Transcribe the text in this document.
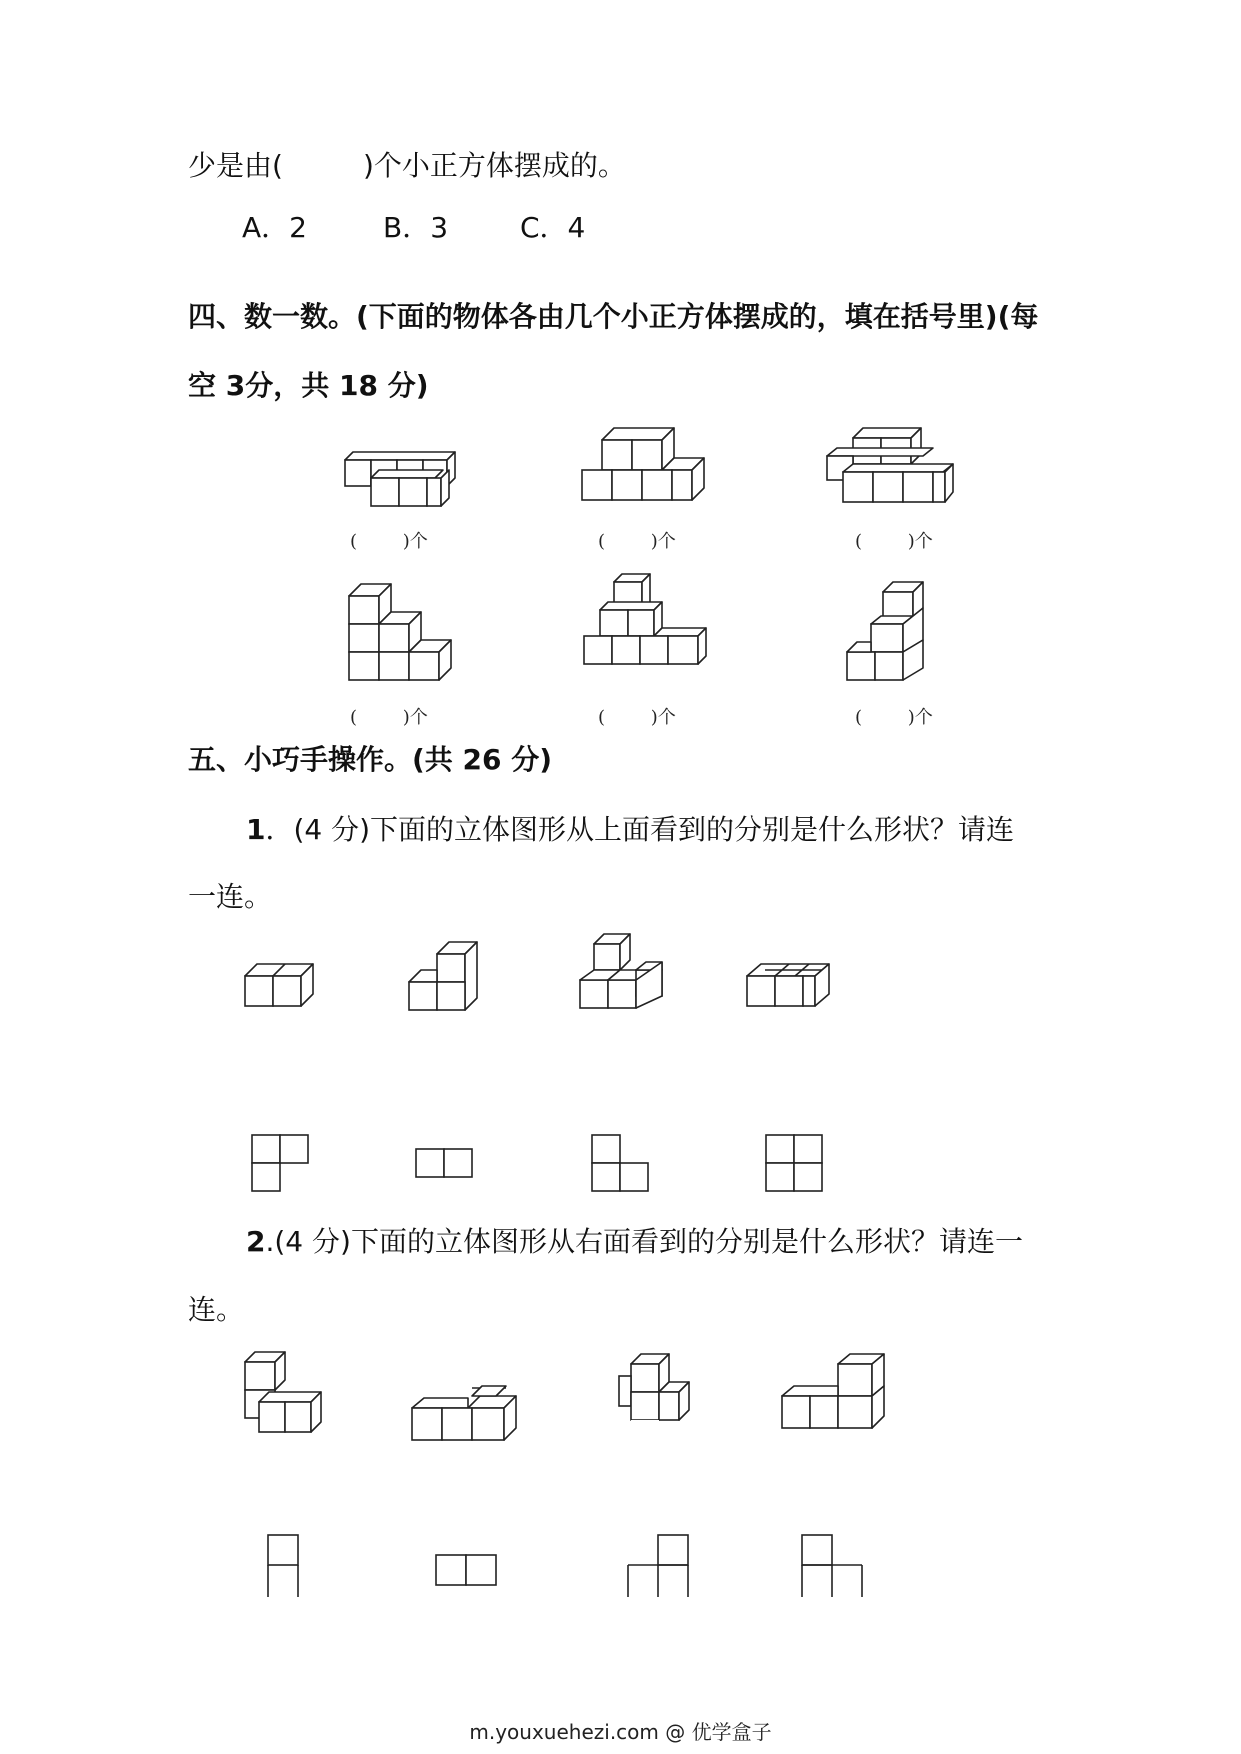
少是由(	)个小正方体摆成的。
A．2	B．3	C．4
四、数一数。(下面的物体各由几个小正方体摆成的，填在括号里)(每
空 3分，共 18 分)
(        )个	(        )个	(        )个
(        )个	(        )个	(        )个
五、小巧手操作。(共 26 分)
1．(4 分)下面的立体图形从上面看到的分别是什么形状？请连
一连。
2.(4 分)下面的立体图形从右面看到的分别是什么形状？请连一
连。
m.youxuehezi.com @ 优学盒子
